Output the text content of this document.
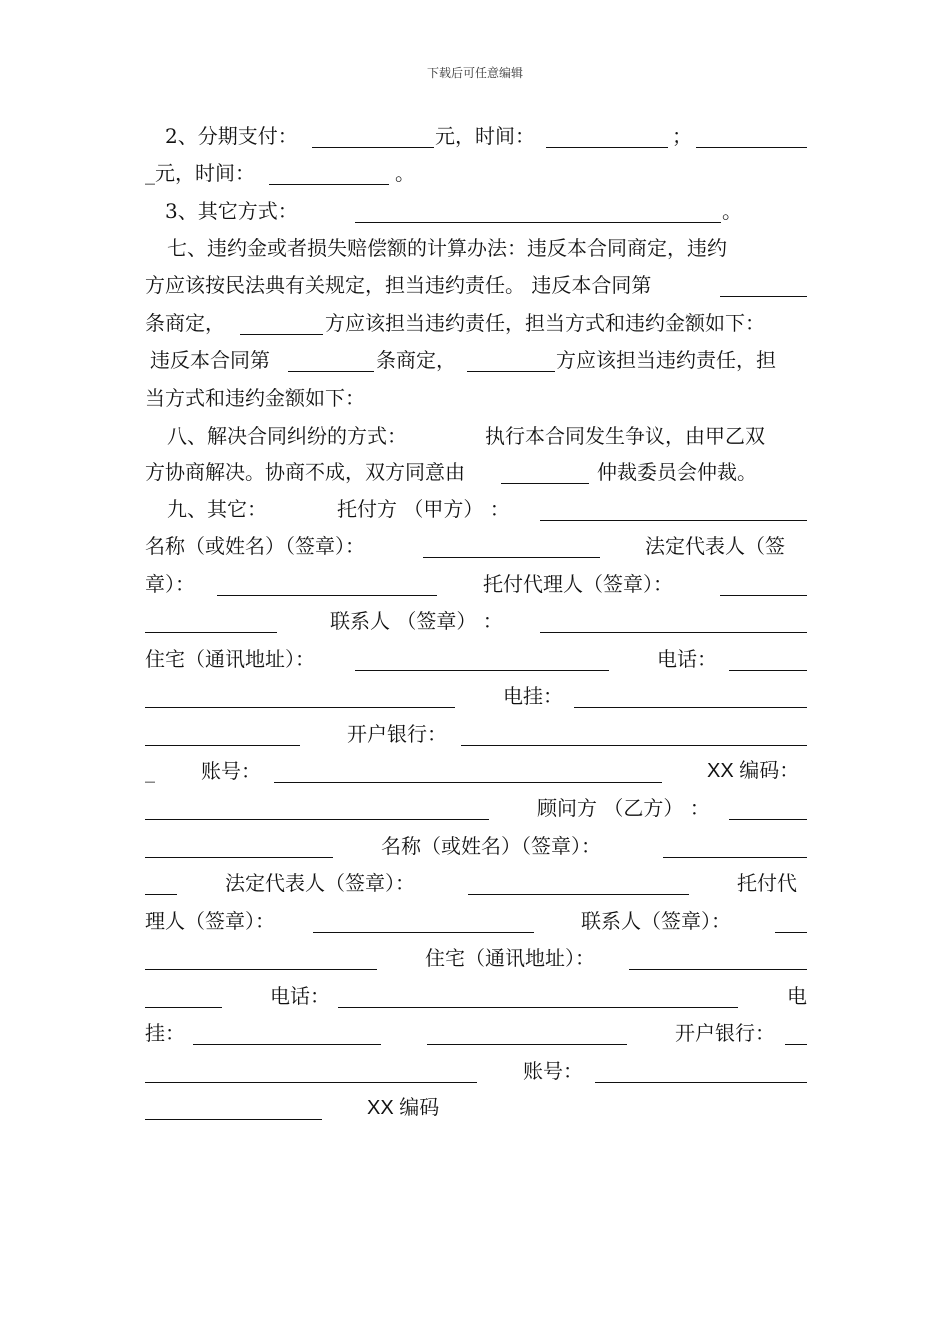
下载后可任意编辑
2、分期支付：	元，时间：	；
_元，时间：	。
3、其它方式：	。
七、违约金或者损失赔偿额的计算办法：违反本合同商定，违约
方应该按民法典有关规定，担当违约责任。 违反本合同第
条商定，	方应该担当违约责任，担当方式和违约金额如下：
违反本合同第	条商定，	方应该担当违约责任，担
当方式和违约金额如下：
八、解决合同纠纷的方式：	执行本合同发生争议，由甲乙双
方协商解决。协商不成，双方同意由	仲裁委员会仲裁。
九、其它：	托付方 （甲方） ：
名称（或姓名）（签章）：	法定代表人（签
章）：	托付代理人（签章）：
联系人 （签章） ：
住宅（通讯地址）：	电话：
电挂：
开户银行：
_ 账号：	XX 编码：
顾问方 （乙方） ：
名称（或姓名）（签章）：
法定代表人（签章）：	托付代
理人（签章）：	联系人（签章）：
住宅（通讯地址）：
电话：	电
挂：	开户银行：
账号：
XX 编码
